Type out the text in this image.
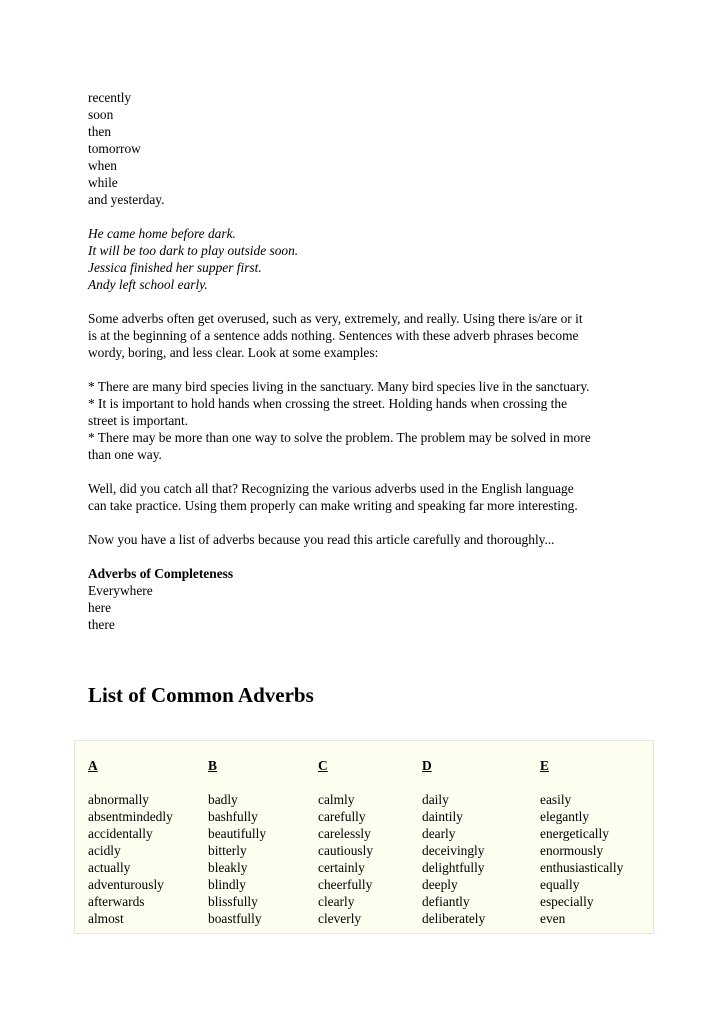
recently
soon
then
tomorrow
when
while
and yesterday.
He came home before dark.
It will be too dark to play outside soon.
Jessica finished her supper first.
Andy left school early.
Some adverbs often get overused, such as very, extremely, and really. Using there is/are or it
is at the beginning of a sentence adds nothing. Sentences with these adverb phrases become
wordy, boring, and less clear. Look at some examples:
* There are many bird species living in the sanctuary. Many bird species live in the sanctuary.
* It is important to hold hands when crossing the street. Holding hands when crossing the
street is important.
* There may be more than one way to solve the problem. The problem may be solved in more
than one way.
Well, did you catch all that? Recognizing the various adverbs used in the English language
can take practice. Using them properly can make writing and speaking far more interesting.
Now you have a list of adverbs because you read this article carefully and thoroughly...
Adverbs of Completeness
Everywhere
here
there
List of Common Adverbs
A
abnormally
absentmindedly
accidentally
acidly
actually
adventurously
afterwards
almost
B
badly
bashfully
beautifully
bitterly
bleakly
blindly
blissfully
boastfully
C
calmly
carefully
carelessly
cautiously
certainly
cheerfully
clearly
cleverly
D
daily
daintily
dearly
deceivingly
delightfully
deeply
defiantly
deliberately
E
easily
elegantly
energetically
enormously
enthusiastically
equally
especially
even
